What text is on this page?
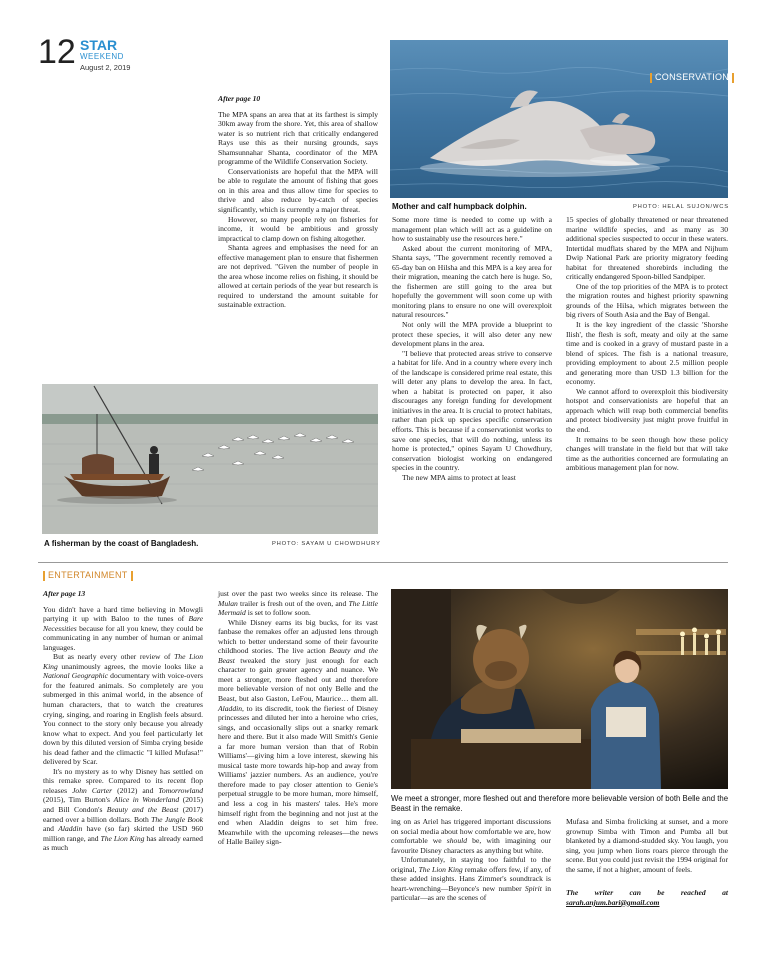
12 STAR
WEEKEND
August 2, 2019

After page 10

The MPA spans an area that at its farthest is simply 30km away from the shore. Yet, this area of shallow water is so nutrient rich that critically endangered Rays use this as their nursing grounds, says Shamsunnahar Shanta, coordinator of the MPA programme of the Wildlife Conservation Society.

Conservationists are hopeful that the MPA will be able to regulate the amount of fishing that goes on in this area and thus allow time for species to thrive and also reduce by-catch of species significantly, which is currently a major threat.

However, so many people rely on fisheries for income, it would be ambitious and grossly impractical to clamp down on fishing altogether.

Shanta agrees and emphasises the need for an effective management plan to ensure that fishermen are not deprived. "Given the number of people in the area whose income relies on fishing, it should be allowed at certain periods of the year but research is required to understand the amount suitable for sustainable extraction.

CONSERVATION
Mother and calf humpback dolphin.	PHOTO: HELAL SUJON/WCS

Some more time is needed to come up with a management plan which will act as a guideline on how to sustainably use the resources here."

Asked about the current monitoring of MPA, Shanta says, "The government recently removed a 65-day ban on Hilsha and this MPA is a key area for their migration, meaning the catch here is huge. So, the fishermen are still going to the area but hopefully the government will soon come up with monitoring plans to ensure no one will overexploit natural resources."

Not only will the MPA provide a blueprint to protect these species, it will also deter any new development plans in the area.

"I believe that protected areas strive to conserve a habitat for life. And in a country where every inch of the landscape is considered prime real estate, this will deter any plans to develop the area. In fact, when a habitat is protected on paper, it also discourages any foreign funding for development initiatives in the area. It is crucial to protect habitats, rather than pick up species specific conservation efforts. This is because if a conservationist works to save one species, that will do nothing, unless its home is protected," opines Sayam U Chowdhury, conservation biologist working on endangered species in the country.

The new MPA aims to protect at least

15 species of globally threatened or near threatened marine wildlife species, and as many as 30 additional species suspected to occur in these waters. Intertidal mudflats shared by the MPA and Nijhum Dwip National Park are priority migratory feeding habitat for threatened shorebirds including the critically endangered Spoon-billed Sandpiper.

One of the top priorities of the MPA is to protect the migration routes and highest priority spawning grounds of the Hilsa, which migrates between the big rivers of South Asia and the Bay of Bengal.

It is the key ingredient of the classic 'Shorshe Ilish', the flesh is soft, meaty and oily at the same time and is cooked in a gravy of mustard paste in a blend of spices. The fish is a national treasure, providing employment to about 2.5 million people and generating more than USD 1.3 billion for the economy.

We cannot afford to overexploit this biodiversity hotspot and conservationists are hopeful that an approach which will reap both commercial benefits and protect biodiversity just might prove fruitful in the end.

It remains to be seen though how these policy changes will translate in the field but that will take time as the authorities concerned are formulating an ambitious management plan for now.

A fisherman by the coast of Bangladesh.	PHOTO: SAYAM U CHOWDHURY
ENTERTAINMENT

After page 13

You didn't have a hard time believing in Mowgli partying it up with Baloo to the tunes of Bare Necessities because for all you knew, they could be communicating in any number of human or animal languages.

But as nearly every other review of The Lion King unanimously agrees, the movie looks like a National Geographic documentary with voice-overs for the featured animals. So completely are you submerged in this animal world, in the absence of human characters, that to watch the creatures crying, singing, and roaring in English feels absurd. You connect to the story only because you already know what to expect. And you feel particularly let down by this diluted version of Simba crying beside his dead father and the climactic "I killed Mufasa!" delivered by Scar.

It's no mystery as to why Disney has settled on this remake spree. Compared to its recent flop releases John Carter (2012) and Tomorrowland (2015), Tim Burton's Alice in Wonderland (2015) and Bill Condon's Beauty and the Beast (2017) earned over a billion dollars. Both The Jungle Book and Aladdin have (so far) skirted the USD 960 million range, and The Lion King has already earned as much

just over the past two weeks since its release. The Mulan trailer is fresh out of the oven, and The Little Mermaid is set to follow soon.

While Disney earns its big bucks, for its vast fanbase the remakes offer an adjusted lens through which to better understand some of their favourite childhood stories. The live action Beauty and the Beast tweaked the story just enough for each character to gain greater agency and nuance. We meet a stronger, more fleshed out and therefore more believable version of not only Belle and the Beast, but also Gaston, LeFou, Maurice… them all. Aladdin, to its discredit, took the fieriest of Disney princesses and diluted her into a heroine who cries, sings, and occasionally slips out a snarky remark here and there. But it also made Will Smith's Genie a far more human version than that of Robin Williams'—giving him a love interest, skewing his musical taste more towards hip-hop and away from Williams' jazzier numbers. As an audience, you're therefore made to pay closer attention to Genie's perpetual struggle to be more human, more himself, and less a cog in his masters' tales. He's more himself right from the beginning and not just at the end when Aladdin deigns to set him free. Meanwhile with the upcoming releases—the news of Halle Bailey sign-

We meet a stronger, more fleshed out and therefore more believable version of both Belle and the Beast in the remake.

ing on as Ariel has triggered important discussions on social media about how comfortable we are, how comfortable we should be, with imagining our favourite Disney characters as anything but white.

Unfortunately, in staying too faithful to the original, The Lion King remake offers few, if any, of these added insights. Hans Zimmer's soundtrack is heart-wrenching—Beyonce's new number Spirit in particular—as are the scenes of

Mufasa and Simba frolicking at sunset, and a more grownup Simba with Timon and Pumba all but blanketed by a diamond-studded sky. You laugh, you sing, you jump when lions roars pierce through the scene. But you could just revisit the 1994 original for the same, if not a higher, amount of feels.

The writer can be reached at sarah.anjum.bari@gmail.com
